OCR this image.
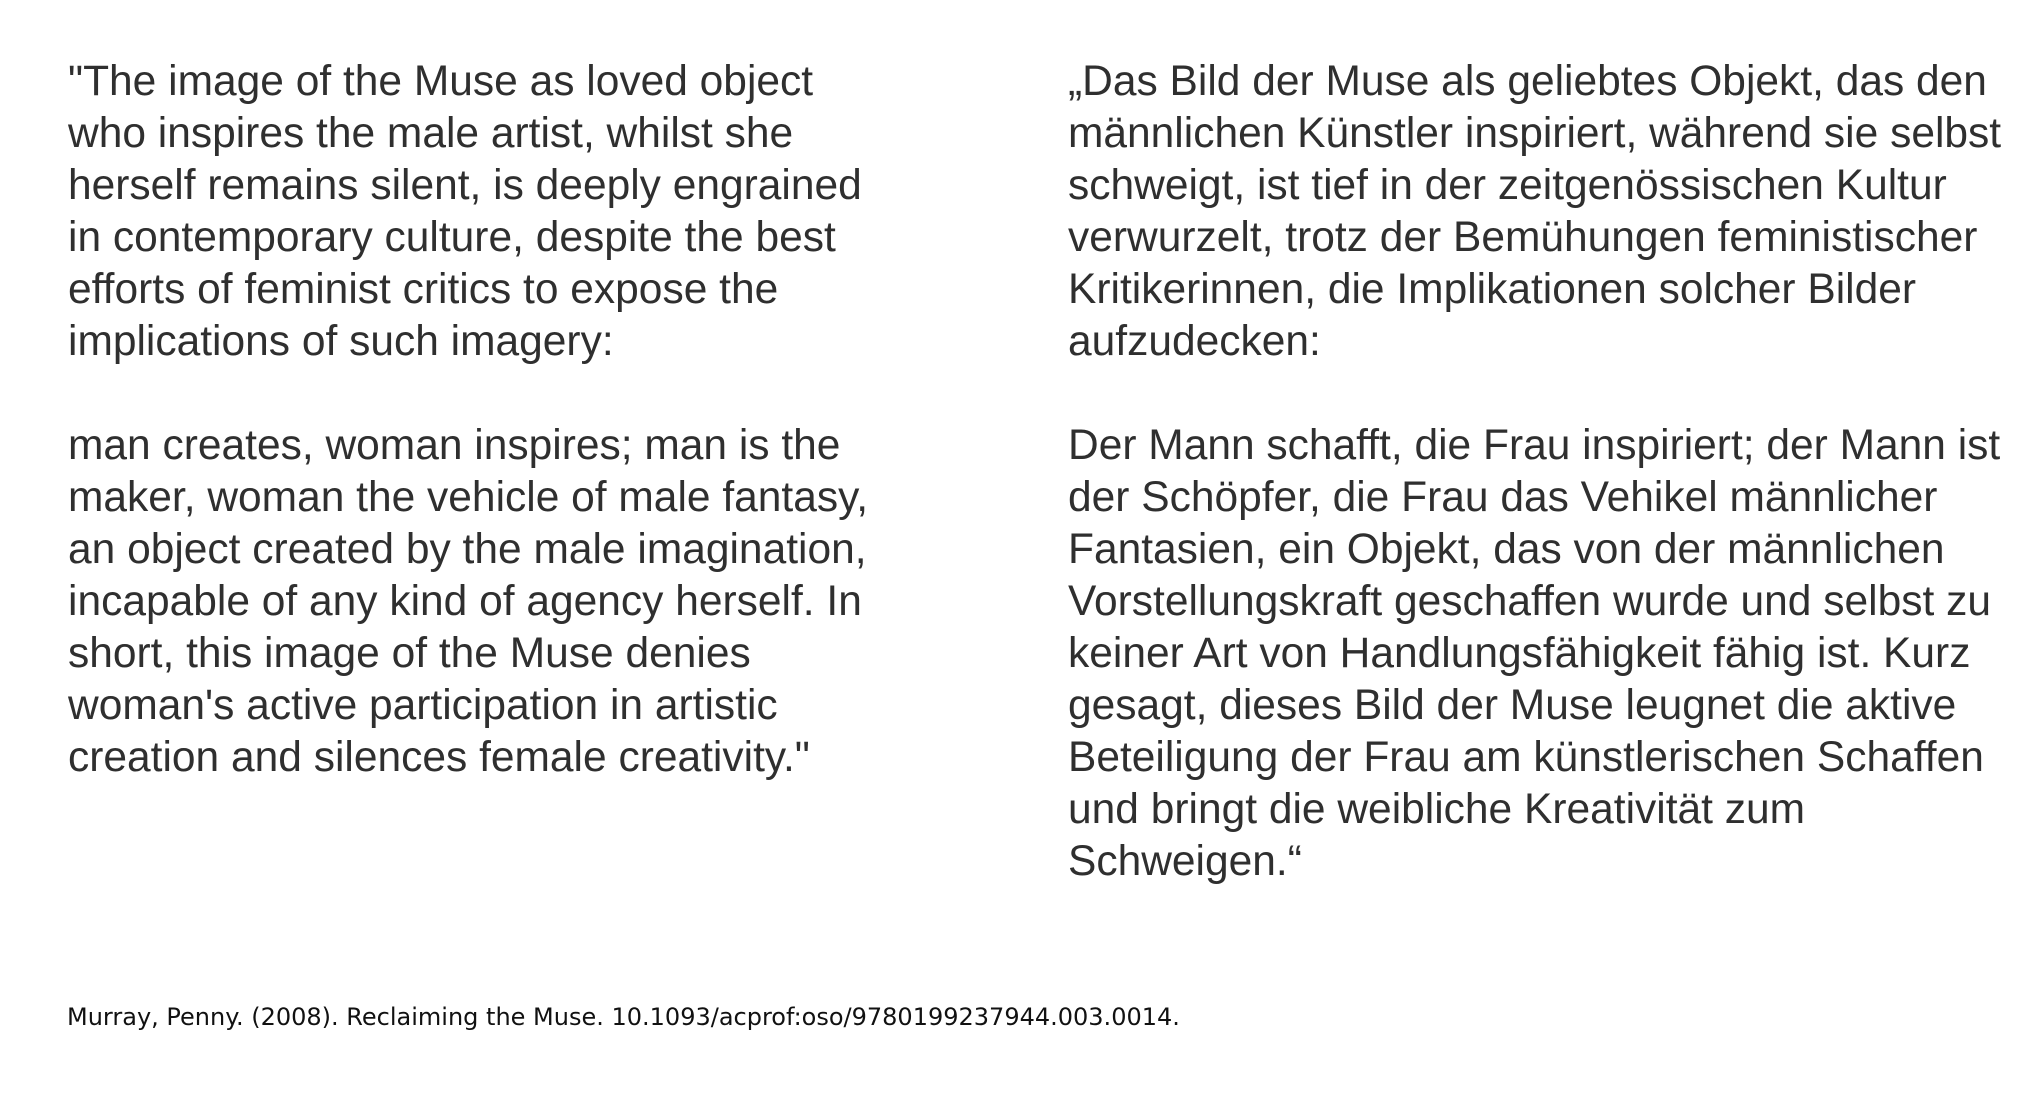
"The image of the Muse as loved object who inspires the male artist, whilst she herself remains silent, is deeply engrained in contemporary culture, despite the best efforts of feminist critics to expose the implications of such imagery:

man creates, woman inspires; man is the maker, woman the vehicle of male fantasy, an object created by the male imagination, incapable of any kind of agency herself. In short, this image of the Muse denies woman's active participation in artistic creation and silences female creativity."

„Das Bild der Muse als geliebtes Objekt, das den männlichen Künstler inspiriert, während sie selbst schweigt, ist tief in der zeitgenössischen Kultur verwurzelt, trotz der Bemühungen feministischer Kritikerinnen, die Implikationen solcher Bilder aufzudecken:

Der Mann schafft, die Frau inspiriert; der Mann ist der Schöpfer, die Frau das Vehikel männlicher Fantasien, ein Objekt, das von der männlichen Vorstellungskraft geschaffen wurde und selbst zu keiner Art von Handlungsfähigkeit fähig ist. Kurz gesagt, dieses Bild der Muse leugnet die aktive Beteiligung der Frau am künstlerischen Schaffen und bringt die weibliche Kreativität zum Schweigen.“

Murray, Penny. (2008). Reclaiming the Muse. 10.1093/acprof:oso/9780199237944.003.0014.
